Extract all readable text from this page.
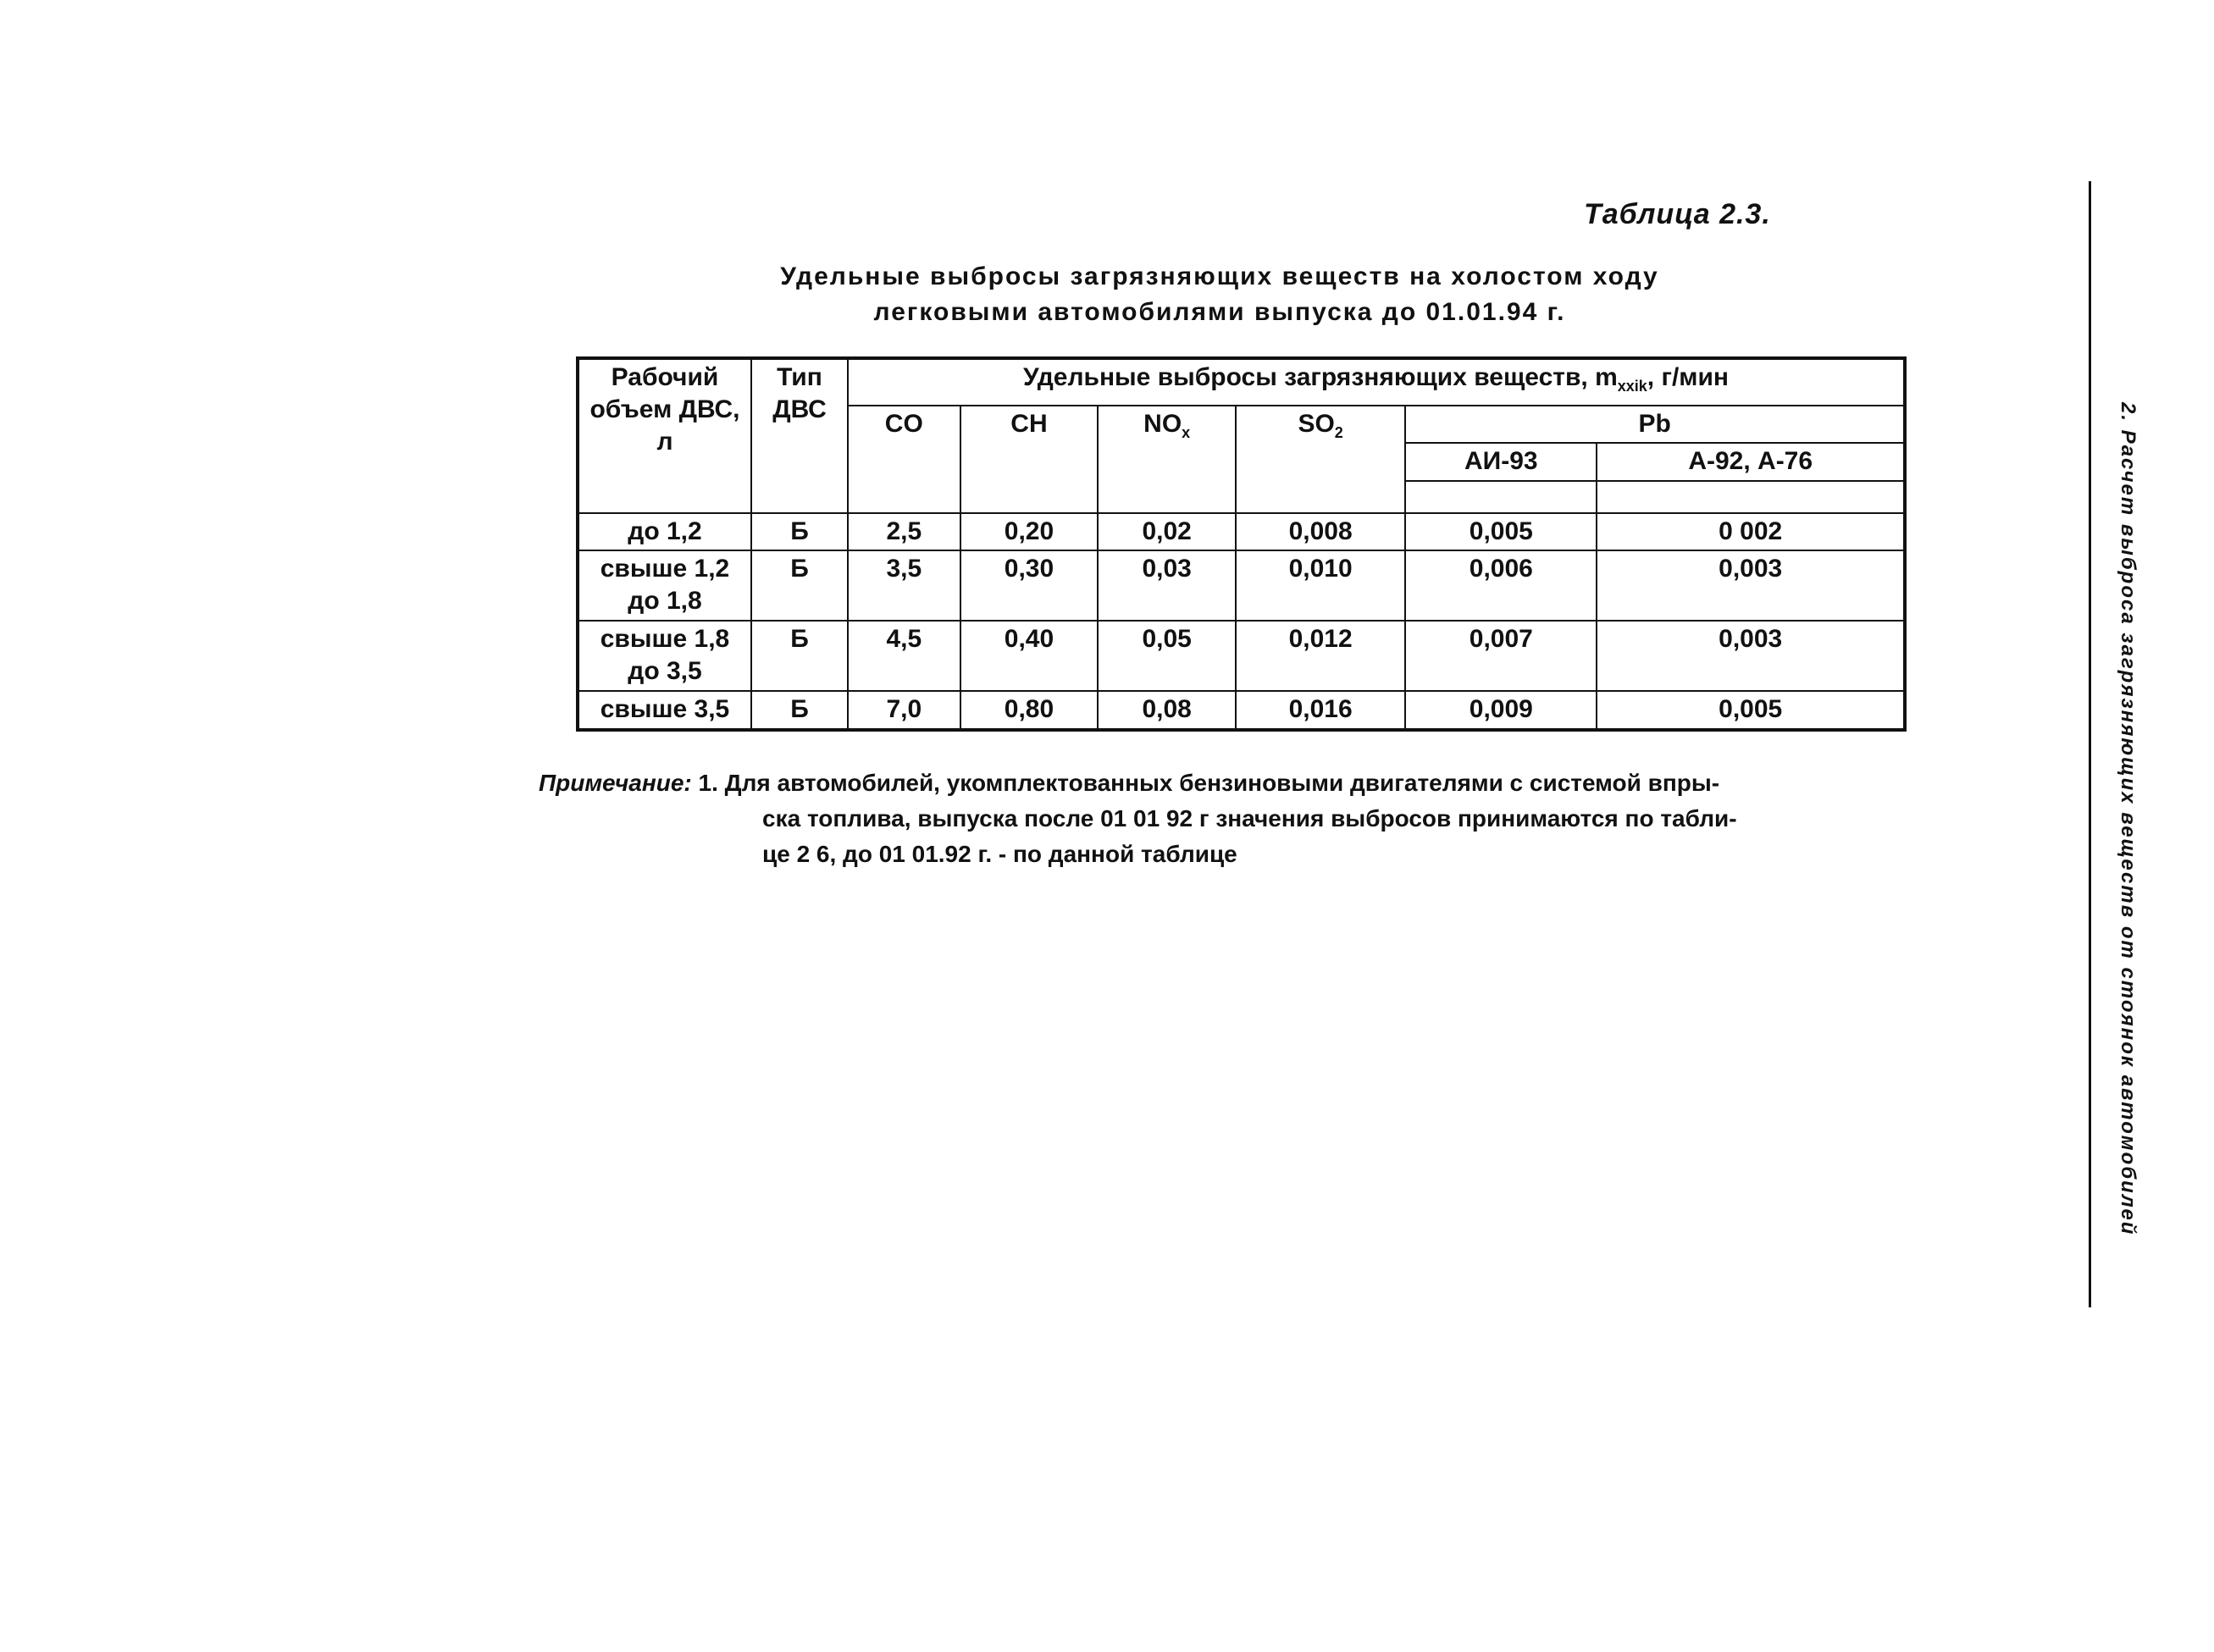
Таблица 2.3.
Удельные выбросы загрязняющих веществ на холостом ходу
легковыми автомобилями выпуска до 01.01.94 г.
Рабочий объем ДВС, л	Тип ДВС	Удельные выбросы загрязняющих веществ, $m_{xxik}$, г/мин					
		CO	CH	$NO_x$	$SO_2$	Pb	
						АИ-93	А-92, А-76

до 1,2	Б	2,5	0,20	0,02	0,008	0,005	0 002
свыше 1,2 до 1,8	Б	3,5	0,30	0,03	0,010	0,006	0,003
свыше 1,8 до 3,5	Б	4,5	0,40	0,05	0,012	0,007	0,003
свыше 3,5	Б	7,0	0,80	0,08	0,016	0,009	0,005
Примечание: 1. Для автомобилей, укомплектованных бензиновыми двигателями с системой впры-
ска топлива, выпуска после 01 01 92 г значения выбросов принимаются по табли-
це 2 6, до 01 01.92 г. - по данной таблице	2. Расчет выброса загрязняющих веществ от стоянок автомобилей
